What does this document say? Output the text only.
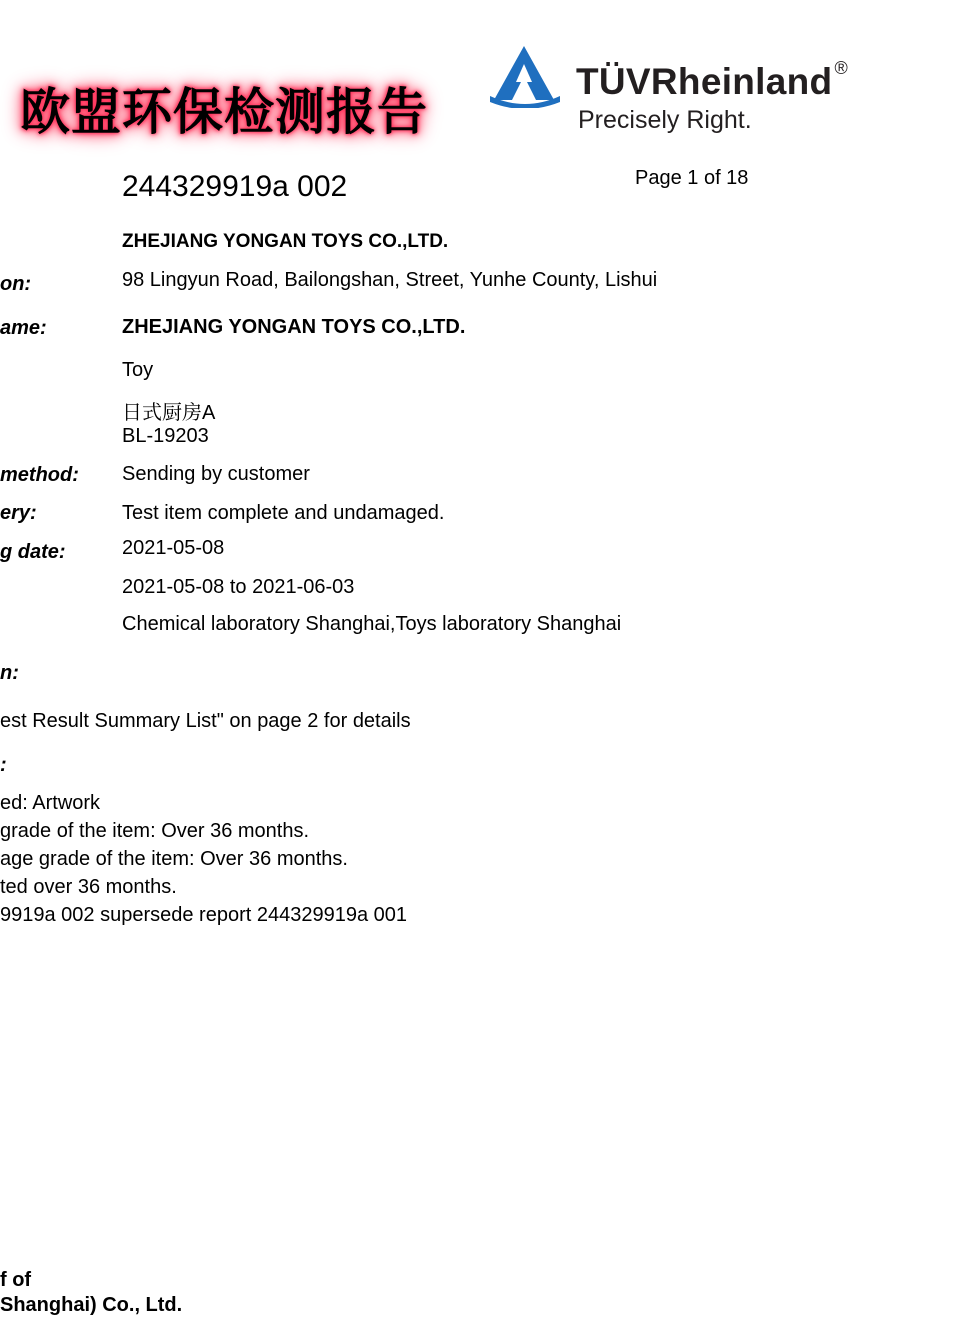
欧盟环保检测报告
TÜVRheinland ®
Precisely Right.
244329919a 002	Page 1 of 18
ZHEJIANG YONGAN TOYS CO.,LTD.
on:	98 Lingyun Road, Bailongshan, Street, Yunhe County, Lishui
ame:	ZHEJIANG YONGAN TOYS CO.,LTD.
Toy
日式厨房A
BL-19203
method: Sending by customer
ery:	Test item complete and undamaged.
g date:	2021-05-08
2021-05-08 to 2021-06-03
Chemical laboratory Shanghai,Toys laboratory Shanghai
n:
est Result Summary List" on page 2 for details
:
ed: Artwork
grade of the item: Over 36 months.
age grade of the item: Over 36 months.
ted over 36 months.
9919a 002 supersede report 244329919a 001
f of
Shanghai) Co., Ltd.
